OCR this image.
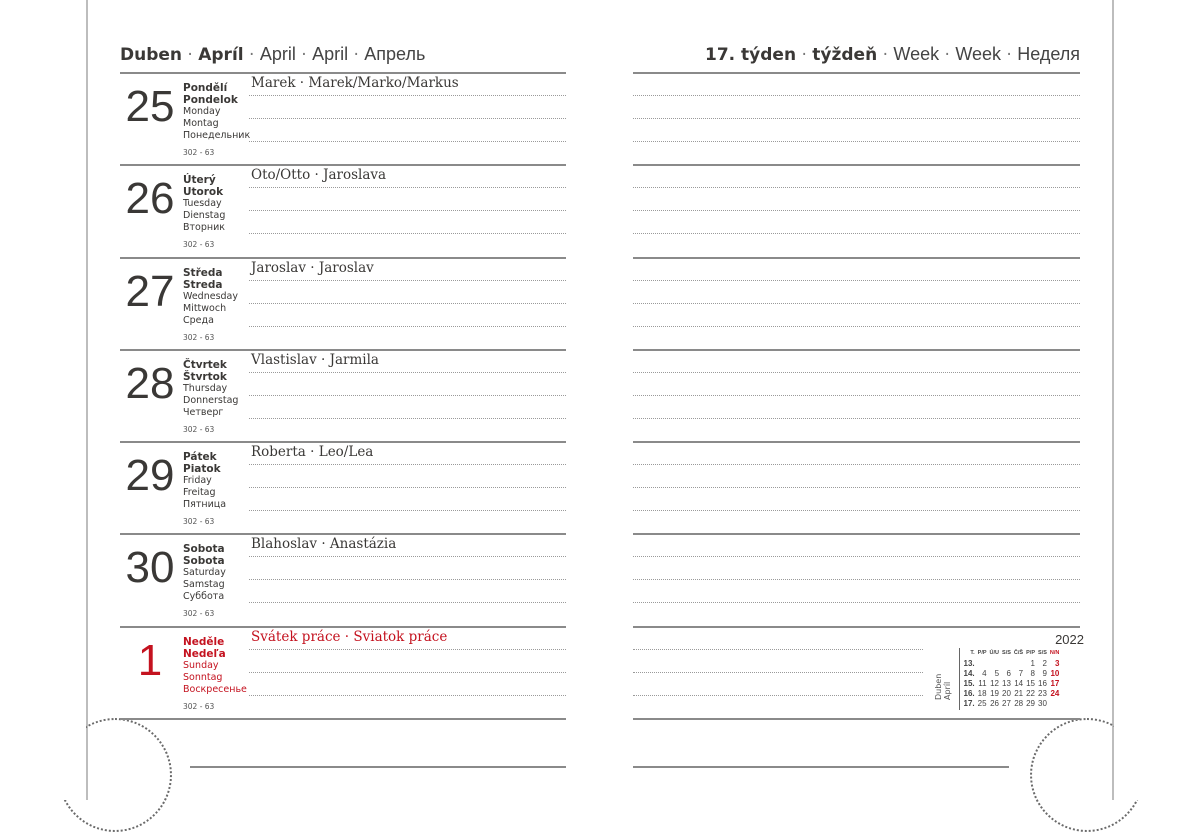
Duben · Apríl · April · April · Апрель	17. týden · týždeň · Week · Week · Неделя
25 Pondělí
Pondelok
Monday
Montag
Понедельник
302 - 63
Marek · Marek/Marko/Markus
26 Úterý
Utorok
Tuesday
Dienstag
Вторник
302 - 63
Oto/Otto · Jaroslava
27 Středa
Streda
Wednesday
Mittwoch
Среда
302 - 63
Jaroslav · Jaroslav
28 Čtvrtek
Štvrtok
Thursday
Donnerstag
Четверг
302 - 63
Vlastislav · Jarmila
29 Pátek
Piatok
Friday
Freitag
Пятница
302 - 63
Roberta · Leo/Lea
30 Sobota
Sobota
Saturday
Samstag
Суббота
302 - 63
Blahoslav · Anastázia
1	Neděle
Nedeľa
Sunday
Sonntag
Воскресенье
302 - 63
Svátek práce · Sviatok práce	2022
Duben
Apríl
T.	P/P	Ú/U	S/S	Č/Š	P/P	S/S	N/N
13.					1	2	3
14.	4	5	6	7	8	9	10
15.	11	12	13	14	15	16	17
16.	18	19	20	21	22	23	24
17.	25	26	27	28	29	30	
